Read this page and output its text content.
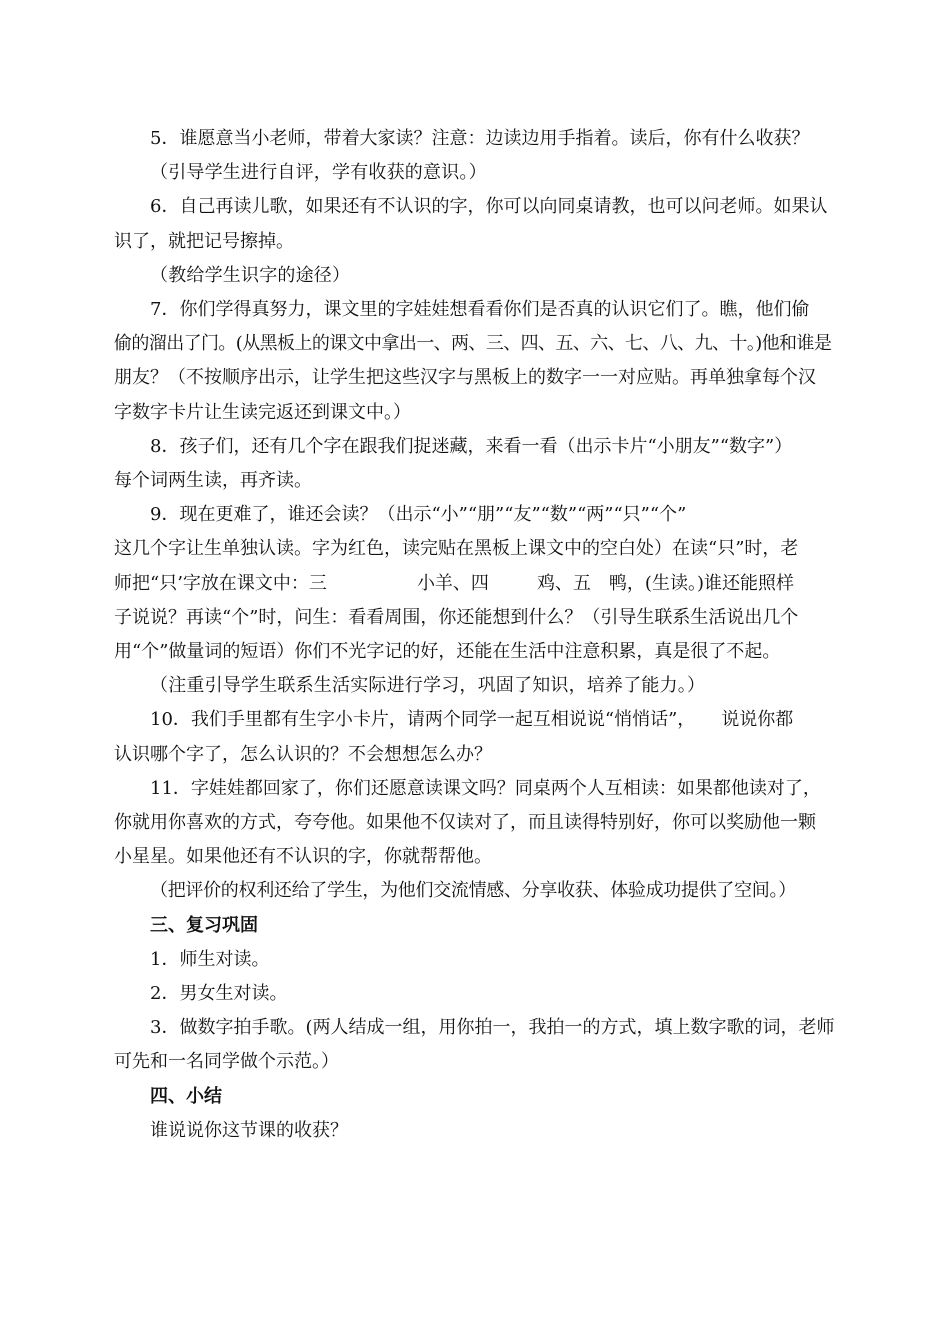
5．谁愿意当小老师，带着大家读？注意：边读边用手指着。读后，你有什么收获？

（引导学生进行自评，学有收获的意识。）

6．自己再读儿歌，如果还有不认识的字，你可以向同桌请教，也可以问老师。如果认
识了，就把记号擦掉。

（教给学生识字的途径）

7．你们学得真努力，课文里的字娃娃想看看你们是否真的认识它们了。瞧，他们偷
偷的溜出了门。(从黑板上的课文中拿出一、两、三、四、五、六、七、八、九、十。)他和谁是
朋友？（不按顺序出示，让学生把这些汉字与黑板上的数字一一对应贴。再单独拿每个汉
字数字卡片让生读完返还到课文中。）

8．孩子们，还有几个字在跟我们捉迷藏，来看一看（出示卡片“小朋友”“数字”）
每个词两生读，再齐读。

9．现在更难了，谁还会读？（出示“小”“朋”“友”“数”“两”“只”“个”
这几个字让生单独认读。字为红色，读完贴在黑板上课文中的空白处）在读“只”时，老
师把“只’字放在课文中：三	小羊、四	鸡、五 鸭，(生读。)谁还能照样
子说说？再读“个”时，问生：看看周围，你还能想到什么？（引导生联系生活说出几个
用“个”做量词的短语）你们不光字记的好，还能在生活中注意积累，真是很了不起。

（注重引导学生联系生活实际进行学习，巩固了知识，培养了能力。）

10．我们手里都有生字小卡片，请两个同学一起互相说说“悄悄话”， 说说你都
认识哪个字了，怎么认识的？不会想想怎么办？

11．字娃娃都回家了，你们还愿意读课文吗？同桌两个人互相读：如果都他读对了，
你就用你喜欢的方式，夸夸他。如果他不仅读对了，而且读得特别好，你可以奖励他一颗
小星星。如果他还有不认识的字，你就帮帮他。

（把评价的权利还给了学生，为他们交流情感、分享收获、体验成功提供了空间。）

三、复习巩固

1．师生对读。

2．男女生对读。

3．做数字拍手歌。(两人结成一组，用你拍一，我拍一的方式，填上数字歌的词，老师
可先和一名同学做个示范。）

四、小结

谁说说你这节课的收获？
